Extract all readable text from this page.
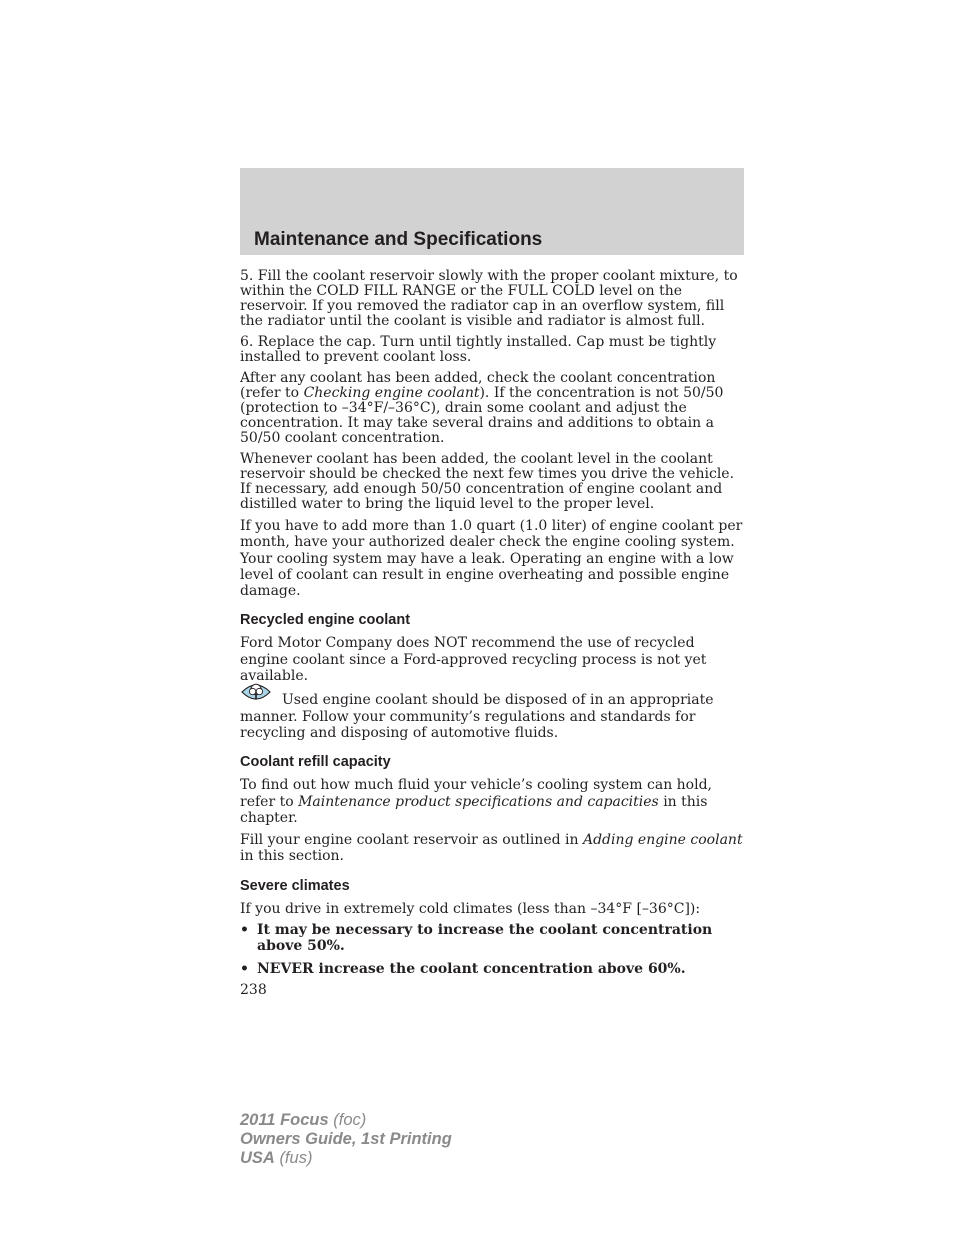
Maintenance and Specifications

5. Fill the coolant reservoir slowly with the proper coolant mixture, to within the COLD FILL RANGE or the FULL COLD level on the reservoir. If you removed the radiator cap in an overflow system, fill the radiator until the coolant is visible and radiator is almost full.

6. Replace the cap. Turn until tightly installed. Cap must be tightly installed to prevent coolant loss.

After any coolant has been added, check the coolant concentration (refer to Checking engine coolant). If the concentration is not 50/50 (protection to –34°F/–36°C), drain some coolant and adjust the concentration. It may take several drains and additions to obtain a 50/50 coolant concentration.

Whenever coolant has been added, the coolant level in the coolant reservoir should be checked the next few times you drive the vehicle. If necessary, add enough 50/50 concentration of engine coolant and distilled water to bring the liquid level to the proper level.

If you have to add more than 1.0 quart (1.0 liter) of engine coolant per month, have your authorized dealer check the engine cooling system. Your cooling system may have a leak. Operating an engine with a low level of coolant can result in engine overheating and possible engine damage.

Recycled engine coolant

Ford Motor Company does NOT recommend the use of recycled engine coolant since a Ford-approved recycling process is not yet available.

Used engine coolant should be disposed of in an appropriate manner. Follow your community’s regulations and standards for recycling and disposing of automotive fluids.

Coolant refill capacity

To find out how much fluid your vehicle’s cooling system can hold, refer to Maintenance product specifications and capacities in this chapter.

Fill your engine coolant reservoir as outlined in Adding engine coolant in this section.

Severe climates

If you drive in extremely cold climates (less than –34°F [–36°C]):

• It may be necessary to increase the coolant concentration above 50%.
• NEVER increase the coolant concentration above 60%.
238
2011 Focus (foc)
Owners Guide, 1st Printing
USA (fus)
